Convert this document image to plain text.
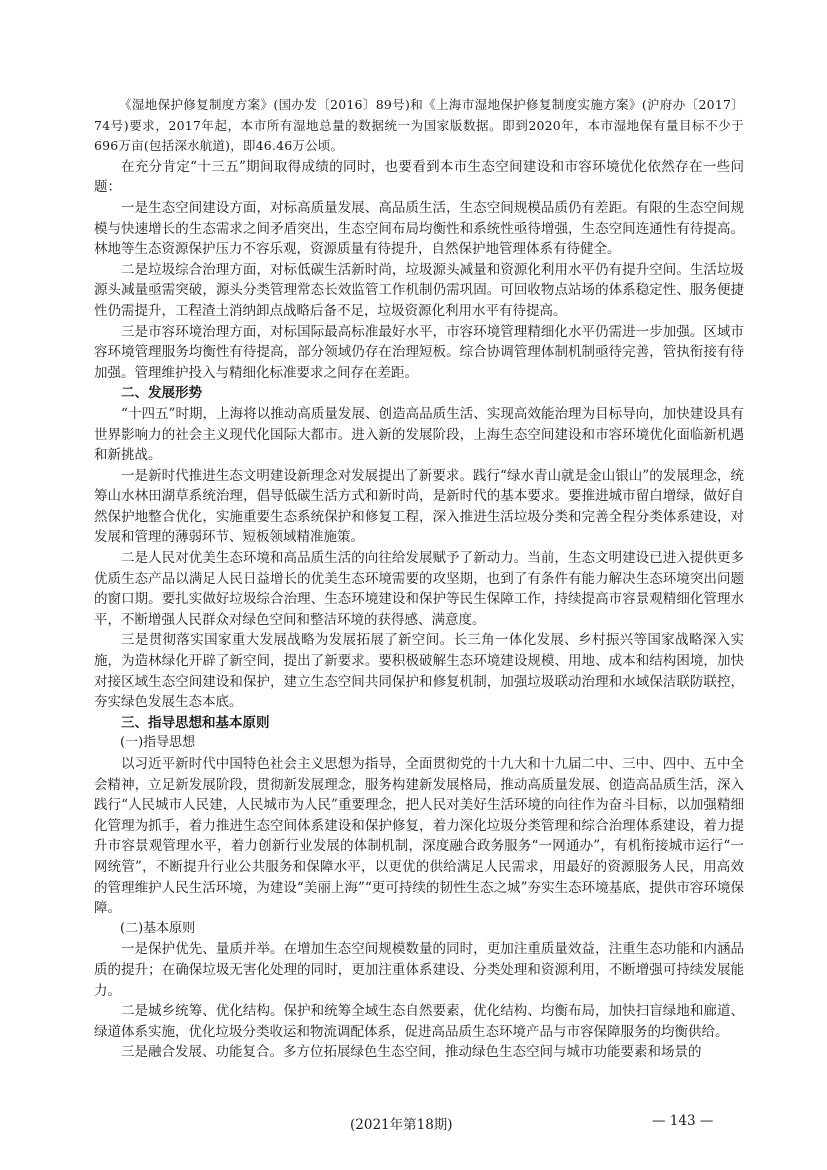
《湿地保护修复制度方案》(国办发〔2016〕89号)和《上海市湿地保护修复制度实施方案》(沪府办〔2017〕74号)要求，2017年起，本市所有湿地总量的数据统一为国家版数据。即到2020年，本市湿地保有量目标不少于696万亩(包括深水航道)，即46.46万公顷。

在充分肯定“十三五”期间取得成绩的同时，也要看到本市生态空间建设和市容环境优化依然存在一些问题：

一是生态空间建设方面，对标高质量发展、高品质生活，生态空间规模品质仍有差距。有限的生态空间规模与快速增长的生态需求之间矛盾突出，生态空间布局均衡性和系统性亟待增强，生态空间连通性有待提高。林地等生态资源保护压力不容乐观，资源质量有待提升，自然保护地管理体系有待健全。

二是垃圾综合治理方面，对标低碳生活新时尚，垃圾源头减量和资源化利用水平仍有提升空间。生活垃圾源头减量亟需突破，源头分类管理常态长效监管工作机制仍需巩固。可回收物点站场的体系稳定性、服务便捷性仍需提升，工程渣土消纳卸点战略后备不足，垃圾资源化利用水平有待提高。

三是市容环境治理方面，对标国际最高标准最好水平，市容环境管理精细化水平仍需进一步加强。区域市容环境管理服务均衡性有待提高，部分领域仍存在治理短板。综合协调管理体制机制亟待完善，管执衔接有待加强。管理维护投入与精细化标准要求之间存在差距。

二、发展形势

“十四五”时期，上海将以推动高质量发展、创造高品质生活、实现高效能治理为目标导向，加快建设具有世界影响力的社会主义现代化国际大都市。进入新的发展阶段，上海生态空间建设和市容环境优化面临新机遇和新挑战。

一是新时代推进生态文明建设新理念对发展提出了新要求。践行“绿水青山就是金山银山”的发展理念，统筹山水林田湖草系统治理，倡导低碳生活方式和新时尚，是新时代的基本要求。要推进城市留白增绿，做好自然保护地整合优化，实施重要生态系统保护和修复工程，深入推进生活垃圾分类和完善全程分类体系建设，对发展和管理的薄弱环节、短板领域精准施策。

二是人民对优美生态环境和高品质生活的向往给发展赋予了新动力。当前，生态文明建设已进入提供更多优质生态产品以满足人民日益增长的优美生态环境需要的攻坚期，也到了有条件有能力解决生态环境突出问题的窗口期。要扎实做好垃圾综合治理、生态环境建设和保护等民生保障工作，持续提高市容景观精细化管理水平，不断增强人民群众对绿色空间和整洁环境的获得感、满意度。

三是贯彻落实国家重大发展战略为发展拓展了新空间。长三角一体化发展、乡村振兴等国家战略深入实施，为造林绿化开辟了新空间，提出了新要求。要积极破解生态环境建设规模、用地、成本和结构困境，加快对接区域生态空间建设和保护，建立生态空间共同保护和修复机制，加强垃圾联动治理和水域保洁联防联控，夯实绿色发展生态本底。

三、指导思想和基本原则

(一)指导思想

以习近平新时代中国特色社会主义思想为指导，全面贯彻党的十九大和十九届二中、三中、四中、五中全会精神，立足新发展阶段，贯彻新发展理念，服务构建新发展格局，推动高质量发展、创造高品质生活，深入践行“人民城市人民建，人民城市为人民”重要理念，把人民对美好生活环境的向往作为奋斗目标，以加强精细化管理为抓手，着力推进生态空间体系建设和保护修复，着力深化垃圾分类管理和综合治理体系建设，着力提升市容景观管理水平，着力创新行业发展的体制机制，深度融合政务服务“一网通办”，有机衔接城市运行“一网统管”，不断提升行业公共服务和保障水平，以更优的供给满足人民需求，用最好的资源服务人民，用高效的管理维护人民生活环境，为建设“美丽上海”“更可持续的韧性生态之城”夯实生态环境基底，提供市容环境保障。

(二)基本原则

一是保护优先、量质并举。在增加生态空间规模数量的同时，更加注重质量效益，注重生态功能和内涵品质的提升；在确保垃圾无害化处理的同时，更加注重体系建设、分类处理和资源利用，不断增强可持续发展能力。

二是城乡统筹、优化结构。保护和统筹全域生态自然要素，优化结构、均衡布局，加快扫盲绿地和廊道、绿道体系实施，优化垃圾分类收运和物流调配体系，促进高品质生态环境产品与市容保障服务的均衡供给。

三是融合发展、功能复合。多方位拓展绿色生态空间，推动绿色生态空间与城市功能要素和场景的

(2021年第18期)	— 143 —
